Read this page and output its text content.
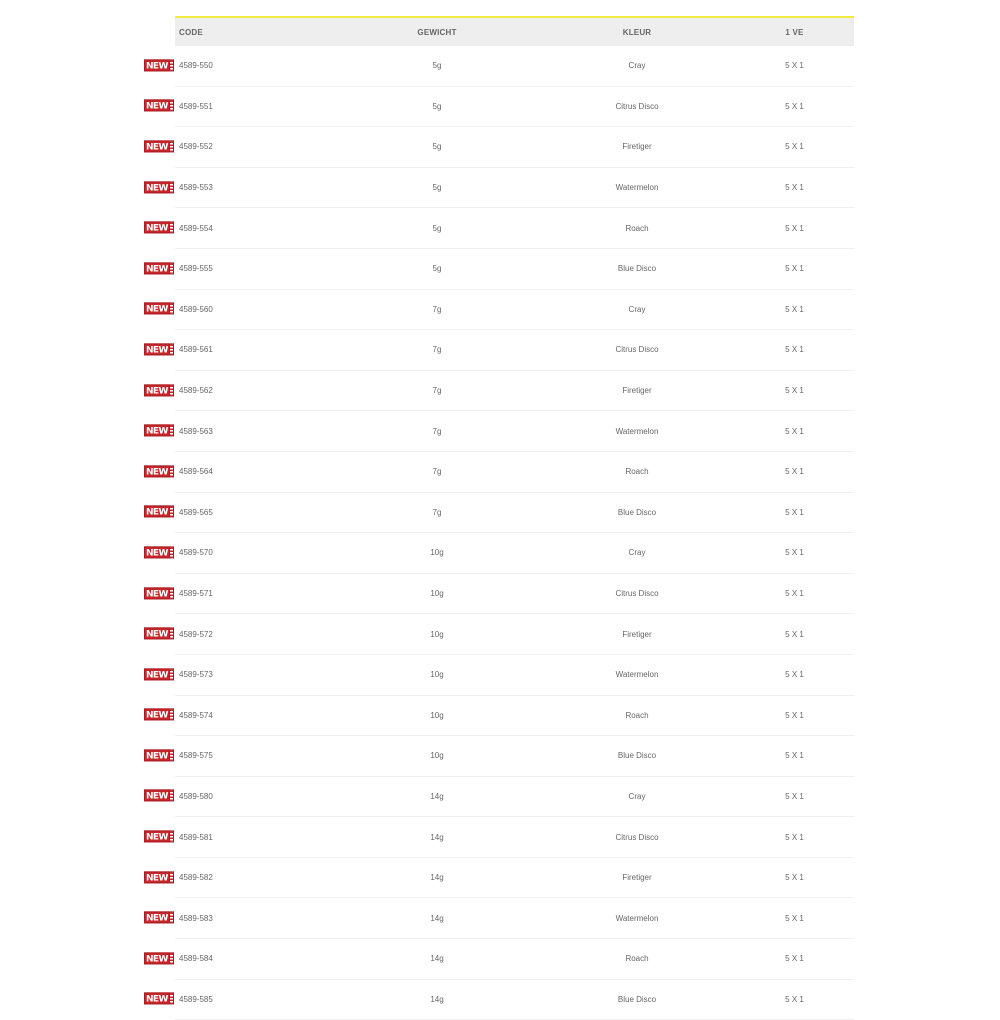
CODE	GEWICHT	KLEUR	1 VE
NEW	4589-550	5g	Cray	5 X 1
NEW	4589-551	5g	Citrus Disco	5 X 1
NEW	4589-552	5g	Firetiger	5 X 1
NEW	4589-553	5g	Watermelon	5 X 1
NEW	4589-554	5g	Roach	5 X 1
NEW	4589-555	5g	Blue Disco	5 X 1
NEW	4589-560	7g	Cray	5 X 1
NEW	4589-561	7g	Citrus Disco	5 X 1
NEW	4589-562	7g	Firetiger	5 X 1
NEW	4589-563	7g	Watermelon	5 X 1
NEW	4589-564	7g	Roach	5 X 1
NEW	4589-565	7g	Blue Disco	5 X 1
NEW	4589-570	10g	Cray	5 X 1
NEW	4589-571	10g	Citrus Disco	5 X 1
NEW	4589-572	10g	Firetiger	5 X 1
NEW	4589-573	10g	Watermelon	5 X 1
NEW	4589-574	10g	Roach	5 X 1
NEW	4589-575	10g	Blue Disco	5 X 1
NEW	4589-580	14g	Cray	5 X 1
NEW	4589-581	14g	Citrus Disco	5 X 1
NEW	4589-582	14g	Firetiger	5 X 1
NEW	4589-583	14g	Watermelon	5 X 1
NEW	4589-584	14g	Roach	5 X 1
NEW	4589-585	14g	Blue Disco	5 X 1
